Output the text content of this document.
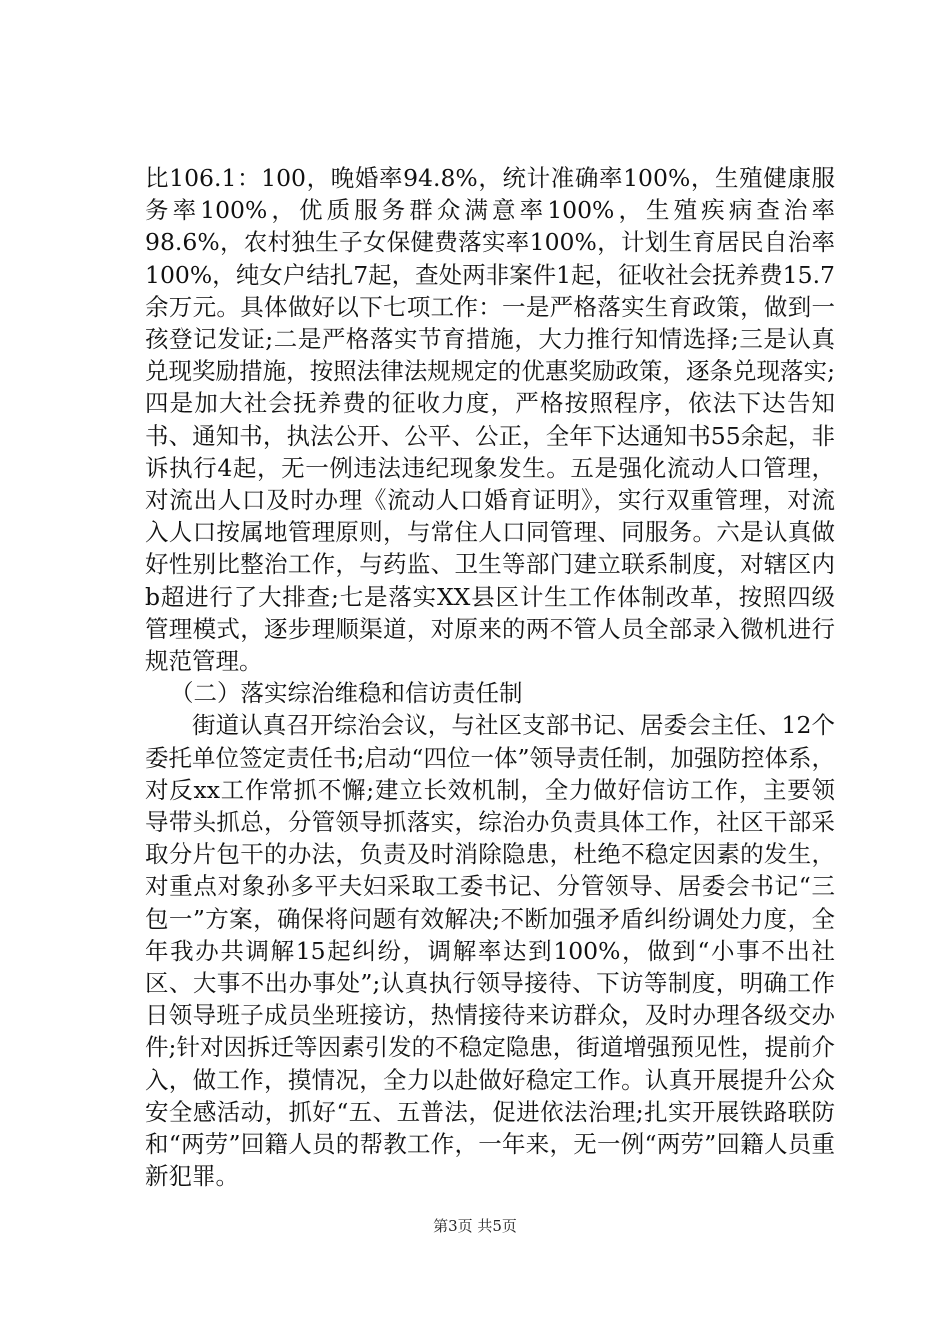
比106.1：100，晚婚率94.8%，统计准确率100%，生殖健康服务率100%，优质服务群众满意率100%，生殖疾病查治率98.6%，农村独生子女保健费落实率100%，计划生育居民自治率100%，纯女户结扎7起，查处两非案件1起，征收社会抚养费15.7余万元。具体做好以下七项工作：一是严格落实生育政策，做到一孩登记发证;二是严格落实节育措施，大力推行知情选择;三是认真兑现奖励措施，按照法律法规规定的优惠奖励政策，逐条兑现落实;四是加大社会抚养费的征收力度，严格按照程序，依法下达告知书、通知书，执法公开、公平、公正，全年下达通知书55余起，非诉执行4起，无一例违法违纪现象发生。五是强化流动人口管理，对流出人口及时办理《流动人口婚育证明》，实行双重管理，对流入人口按属地管理原则，与常住人口同管理、同服务。六是认真做好性别比整治工作，与药监、卫生等部门建立联系制度，对辖区内b超进行了大排查;七是落实XX县区计生工作体制改革，按照四级管理模式，逐步理顺渠道，对原来的两不管人员全部录入微机进行规范管理。

（二）落实综治维稳和信访责任制

街道认真召开综治会议，与社区支部书记、居委会主任、12个委托单位签定责任书;启动“四位一体”领导责任制，加强防控体系，对反xx工作常抓不懈;建立长效机制，全力做好信访工作，主要领导带头抓总，分管领导抓落实，综治办负责具体工作，社区干部采取分片包干的办法，负责及时消除隐患，杜绝不稳定因素的发生，对重点对象孙多平夫妇采取工委书记、分管领导、居委会书记“三包一”方案，确保将问题有效解决;不断加强矛盾纠纷调处力度，全年我办共调解15起纠纷，调解率达到100%，做到“小事不出社区、大事不出办事处”;认真执行领导接待、下访等制度，明确工作日领导班子成员坐班接访，热情接待来访群众，及时办理各级交办件;针对因拆迁等因素引发的不稳定隐患，街道增强预见性，提前介入，做工作，摸情况，全力以赴做好稳定工作。认真开展提升公众安全感活动，抓好“五、五普法，促进依法治理;扎实开展铁路联防和“两劳”回籍人员的帮教工作，一年来，无一例“两劳”回籍人员重新犯罪。

第3页 共5页
